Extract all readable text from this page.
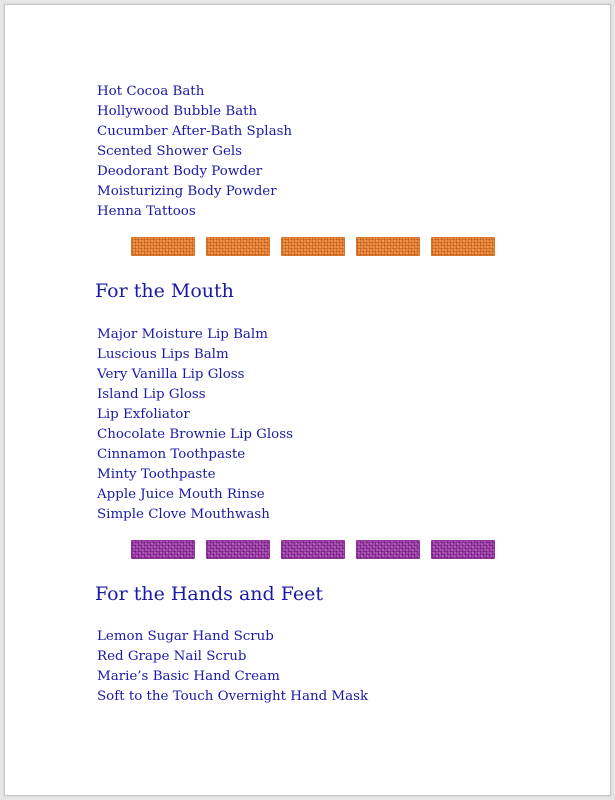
Hot Cocoa Bath
Hollywood Bubble Bath
Cucumber After-Bath Splash
Scented Shower Gels
Deodorant Body Powder
Moisturizing Body Powder
Henna Tattoos
For the Mouth
Major Moisture Lip Balm
Luscious Lips Balm
Very Vanilla Lip Gloss
Island Lip Gloss
Lip Exfoliator
Chocolate Brownie Lip Gloss
Cinnamon Toothpaste
Minty Toothpaste
Apple Juice Mouth Rinse
Simple Clove Mouthwash
For the Hands and Feet
Lemon Sugar Hand Scrub
Red Grape Nail Scrub
Marie’s Basic Hand Cream
Soft to the Touch Overnight Hand Mask
